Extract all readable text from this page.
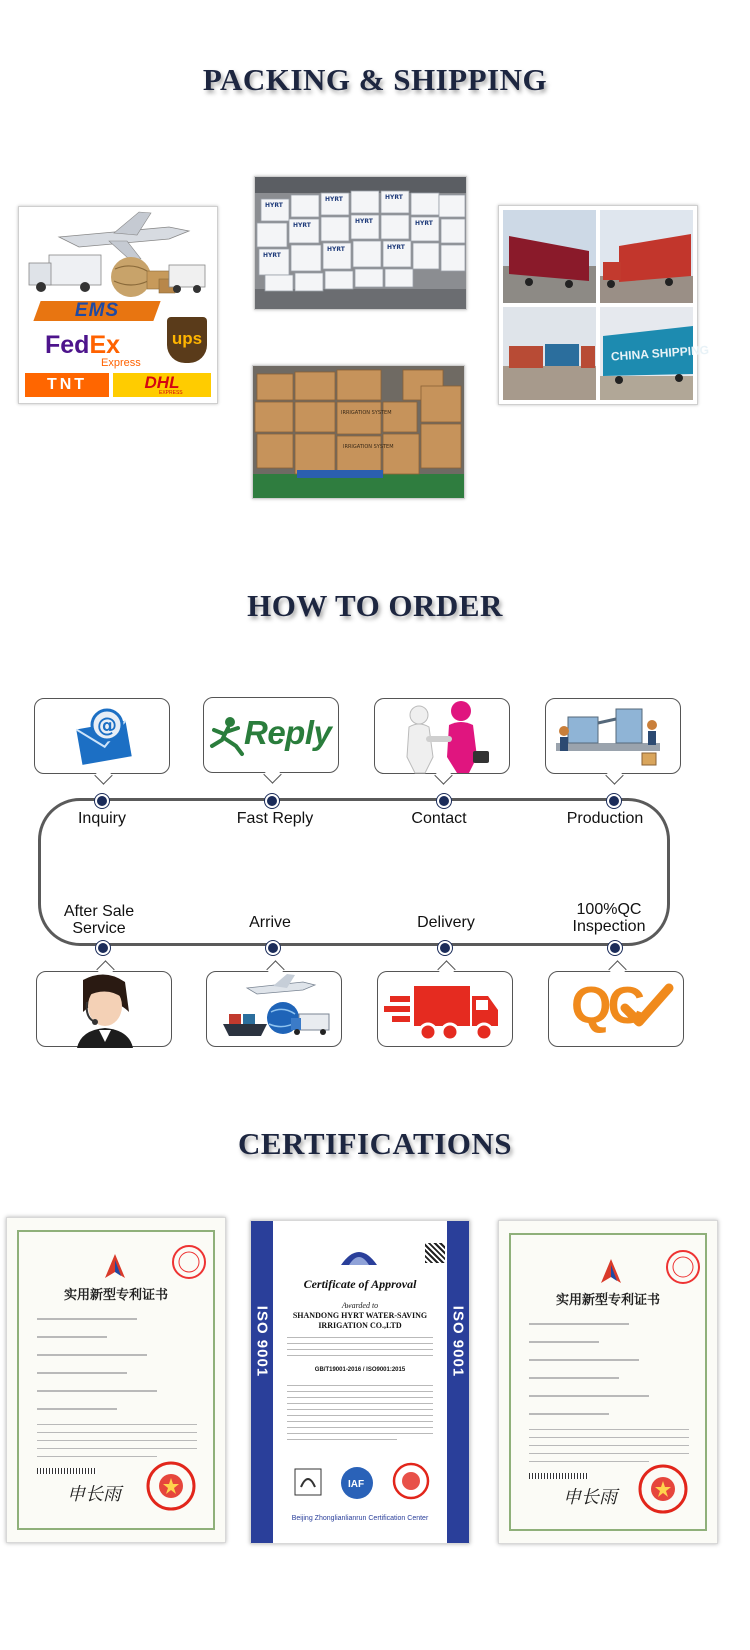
PACKING & SHIPPING
EMS
FedEx
Express
ups
TNT	DHL
EXPRESS
HYRT
HYRT	HYRT
HYRT
HYRT	HYRT
HYRT
HYRT	HYRT
CHINA SHIPPING
IRRIGATION SYSTEM
IRRIGATION SYSTEM
HOW TO ORDER
@	Reply
Inquiry	Fast Reply	Contact	Production
After Sale
Service	Arrive	Delivery
100%QC
Inspection
QC
CERTIFICATIONS
实用新型专利证书
申长雨
ISO 9001	ISO 9001
Certificate of Approval
Awarded to
SHANDONG HYRT WATER-SAVING
IRRIGATION CO.,LTD
GB/T19001-2016 / ISO9001:2015
IAF
Beijing Zhonglianlianrun Certification Center
实用新型专利证书
申长雨
